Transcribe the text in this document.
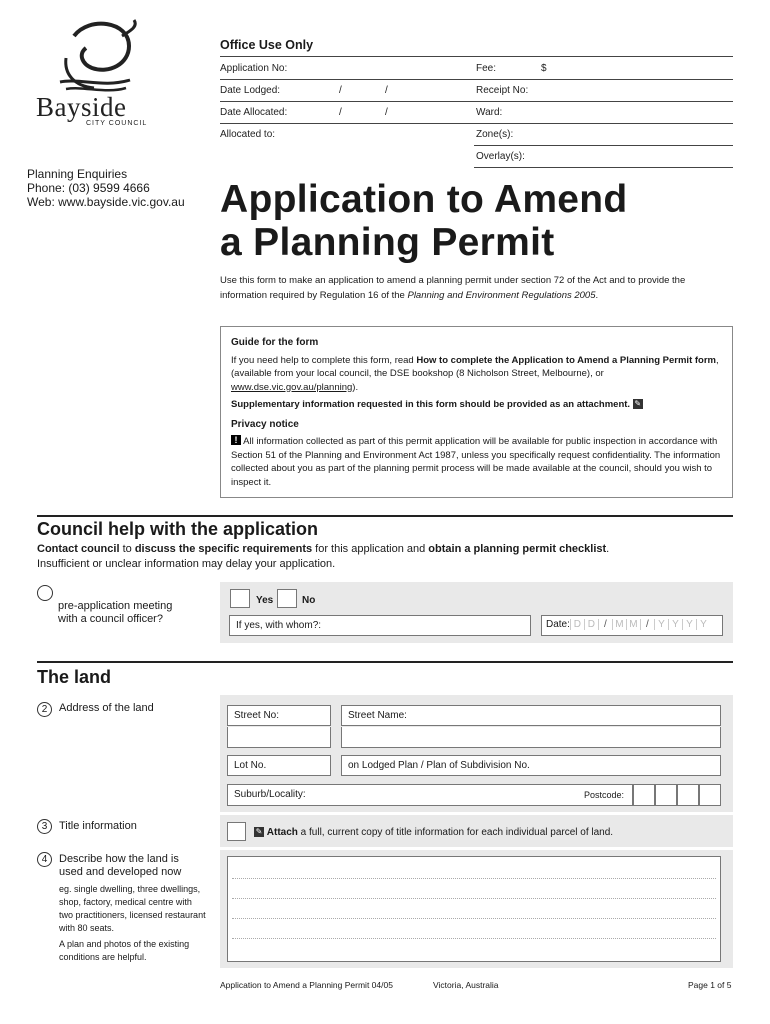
Bayside
CITY COUNCIL
Planning Enquiries
Phone: (03) 9599 4666
Web: www.bayside.vic.gov.au
Office Use Only
Application No:	Fee:	$
Date Lodged:	/	/	Receipt No:
Date Allocated:	/	/	Ward:
Allocated to:	Zone(s):
Overlay(s):
Application to Amend
a Planning Permit
Use this form to make an application to amend a planning permit under section 72 of the Act and to provide the information required by Regulation 16 of the Planning and Environment Regulations 2005.
Guide for the form

If you need help to complete this form, read How to complete the Application to Amend a Planning Permit form, (available from your local council, the DSE bookshop (8 Nicholson Street, Melbourne), or www.dse.vic.gov.au/planning).

Supplementary information requested in this form should be provided as an attachment. ✎

Privacy notice

! All information collected as part of this permit application will be available for public inspection in accordance with Section 51 of the Planning and Environment Act 1987, unless you specifically request confidentiality. The information collected about you as part of the planning permit process will be made available at the council, should you wish to inspect it.

Council help with the application
Contact council to discuss the specific requirements for this application and obtain a planning permit checklist.
Insufficient or unclear information may delay your application.
pre-application meeting
with a council officer?
Yes	No
If yes, with whom?:	Date: D D / M M / Y Y Y Y
The land
2	Address of the land
Street No:	Street Name:
Lot No.	on Lodged Plan / Plan of Subdivision No.
Suburb/Locality:	Postcode:
3	Title information	✎ Attach a full, current copy of title information for each individual parcel of land.
4	Describe how the land is
used and developed now
eg. single dwelling, three dwellings,
shop, factory, medical centre with
two practitioners, licensed restaurant
with 80 seats.
A plan and photos of the existing
conditions are helpful.
Application to Amend a Planning Permit 04/05	Victoria, Australia	Page 1 of 5
